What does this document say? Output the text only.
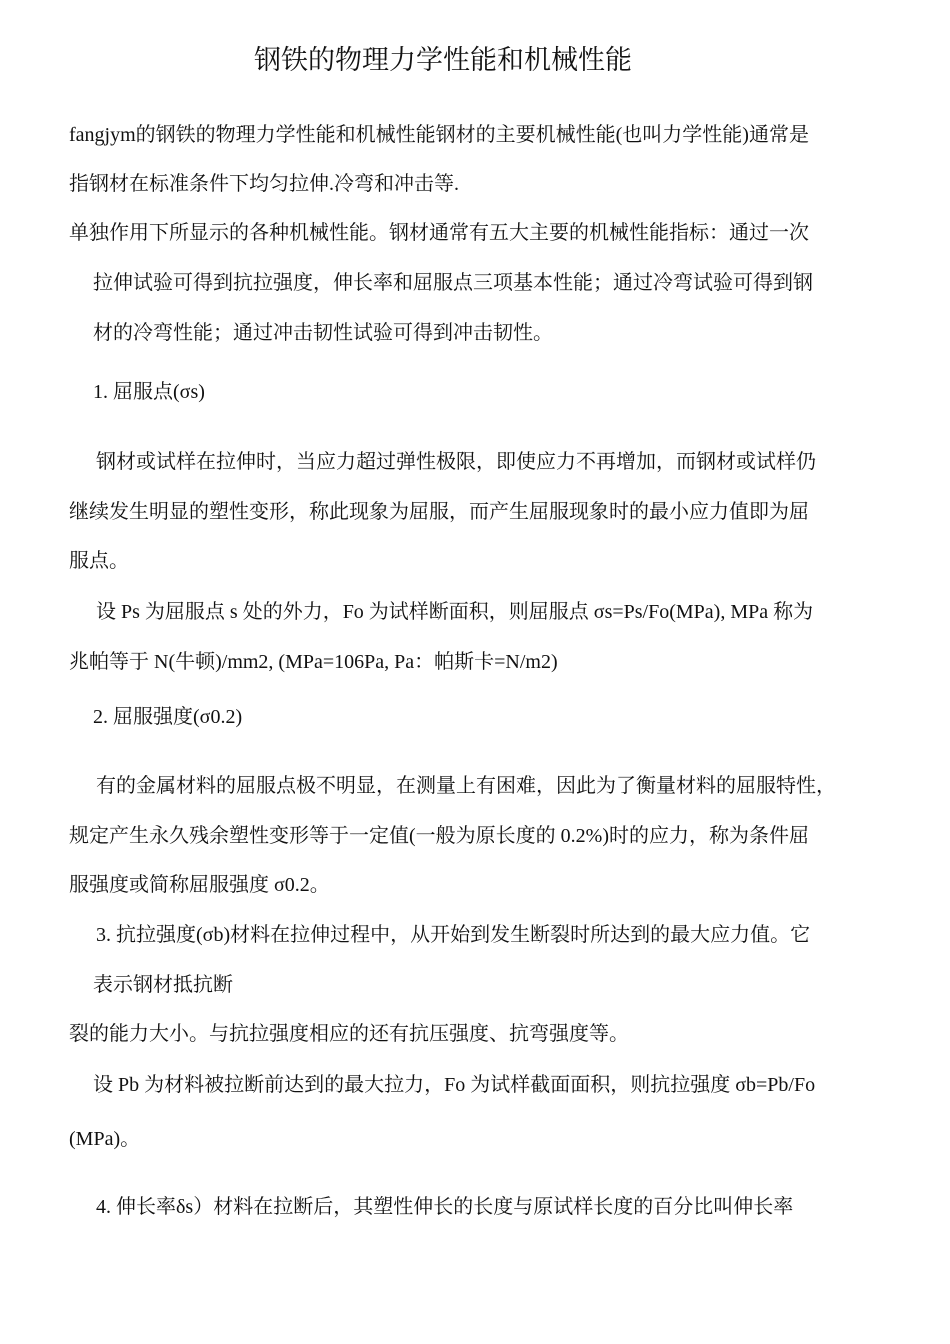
钢铁的物理力学性能和机械性能
fangjym的钢铁的物理力学性能和机械性能钢材的主要机械性能(也叫力学性能)通常是
指钢材在标准条件下均匀拉伸.冷弯和冲击等.
单独作用下所显示的各种机械性能。钢材通常有五大主要的机械性能指标：通过一次
拉伸试验可得到抗拉强度，伸长率和屈服点三项基本性能；通过冷弯试验可得到钢
材的冷弯性能；通过冲击韧性试验可得到冲击韧性。
1. 屈服点(σs)
钢材或试样在拉伸时，当应力超过弹性极限，即使应力不再增加，而钢材或试样仍
继续发生明显的塑性变形，称此现象为屈服，而产生屈服现象时的最小应力值即为屈
服点。
设 Ps 为屈服点 s 处的外力，Fo 为试样断面积，则屈服点 σs=Ps/Fo(MPa), MPa 称为
兆帕等于 N(牛顿)/mm2, (MPa=106Pa, Pa：帕斯卡=N/m2)
2. 屈服强度(σ0.2)
有的金属材料的屈服点极不明显，在测量上有困难，因此为了衡量材料的屈服特性，
规定产生永久残余塑性变形等于一定值(一般为原长度的 0.2%)时的应力，称为条件屈
服强度或简称屈服强度 σ0.2。
3. 抗拉强度(σb)材料在拉伸过程中，从开始到发生断裂时所达到的最大应力值。它
表示钢材抵抗断
裂的能力大小。与抗拉强度相应的还有抗压强度、抗弯强度等。
设 Pb 为材料被拉断前达到的最大拉力，Fo 为试样截面面积，则抗拉强度 σb=Pb/Fo
(MPa)。
4. 伸长率δs）材料在拉断后，其塑性伸长的长度与原试样长度的百分比叫伸长率
